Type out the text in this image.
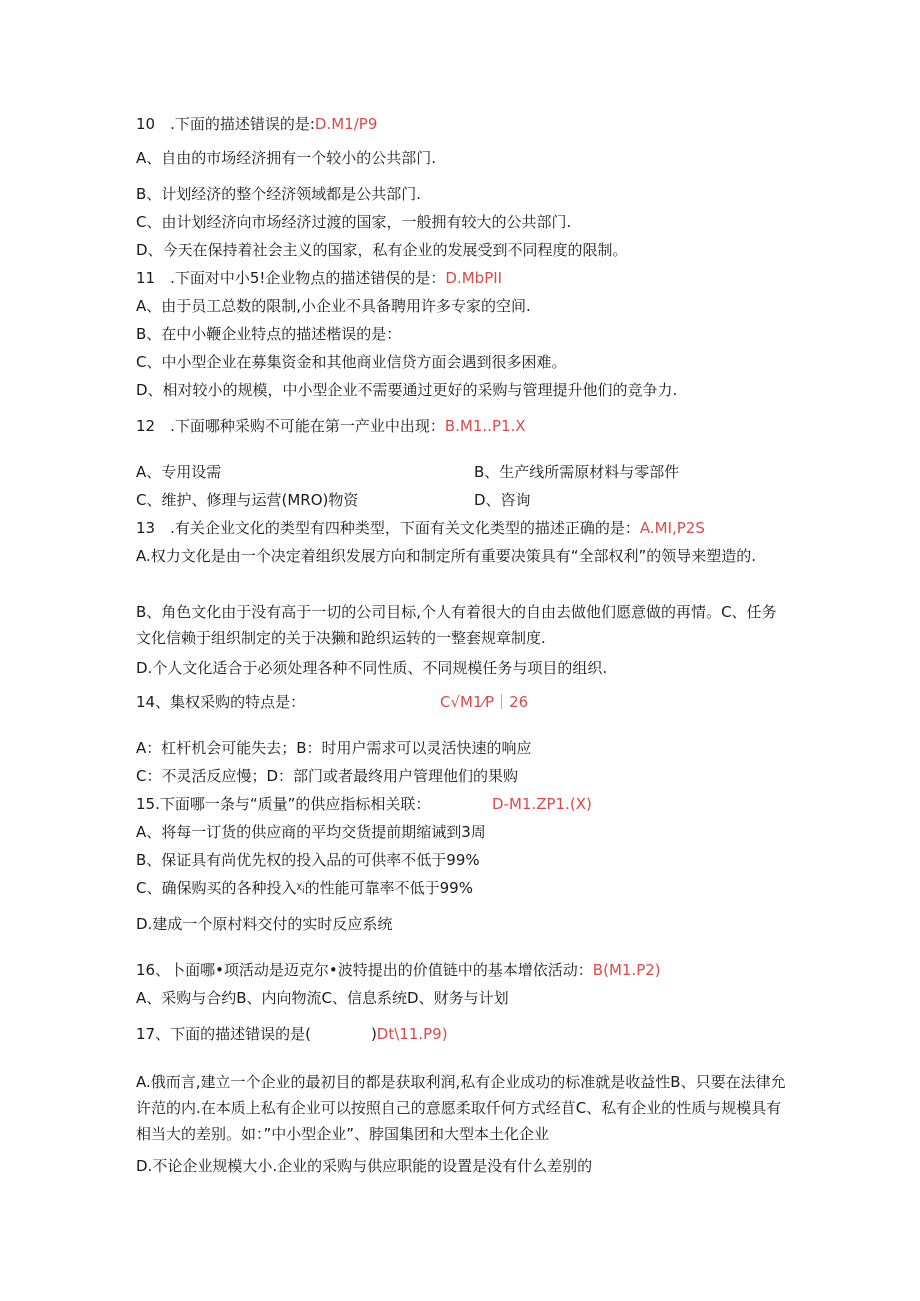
10　.下面的描述错误的是:D.M1/P9
A、自由的市场经济拥有一个较小的公共部门.
B、计划经济的整个经济领域都是公共部门.
C、由计划经济向市场经济过渡的国家，一般拥有较大的公共部门.
D、今天在保持着社会主义的国家，私有企业的发展受到不同程度的限制。
11　.下面对中小5!企业物点的描述错俣的是：D.MbPII
A、由于员工总数的限制,小企业不具备聘用许多专家的空间.
B、在中小鞭企业特点的描述楷误的是：
C、中小型企业在募集资金和其他商业信贷方面会遇到很多困难。
D、相对较小的规模，中小型企业不需要通过更好的采购与管理提升他们的竞争力.
12　.下面哪种采购不可能在第一产业中出现：B.M1..P1.X
A、专用设需	B、生产线所需原材料与零部件
C、维护、修理与运营(MRO)物资	D、咨询
13　.有关企业文化的类型有四种类型，下面有关文化类型的描述正确的是：A.MI,P2S
A.权力文化是由一个决定着组织发展方向和制定所有重要决策具有“全部权利”的领导来塑造的.
B、角色文化由于没有高于一切的公司目标,个人有着很大的自由去做他们愿意做的再情。C、任务文化信赖于组织制定的关于决獭和跄织运转的一整套规章制度.
D.个人文化适合于必须处理各种不同性质、不同规模任务与项目的组织.
14、集权采购的特点是：	C√M1⁄P｜26
A：杠杆机会可能失去；B：时用户需求可以灵活快速的响应
C：不灵活反应慢；D：部门或者最终用户管理他们的果购
15.下面哪一条与“质量”的供应指标相关联：	D-M1.ZP1.(X)
A、将每一订货的供应商的平均交货提前期缩诫到3周
B、保证具有尚优先权的投入品的可供率不低于99%
C、确保购买的各种投入ᵡᵢ的性能可靠率不低于99%
D.建成一个原村料交付的实时反应系统
16、卜面哪•项活动是迈克尔•波特提出的价值链中的基本增依活动：B(M1.P2)
A、采购与合约B、内向物流C、信息系统D、财务与计划
17、下面的描述错误的是(　　　　)Dt\11.P9)
A.俄而言,建立一个企业的最初目的都是获取利润,私有企业成功的标准就是收益性B、只要在法律允许范的内.在本质上私有企业可以按照自己的意愿柔取仟何方式经苜C、私有企业的性质与规模具有相当大的差别。如：”中小型企业”、脖国集团和大型本土化企业
D.不论企业规模大小.企业的采购与供应职能的设置是没有什么差别的
